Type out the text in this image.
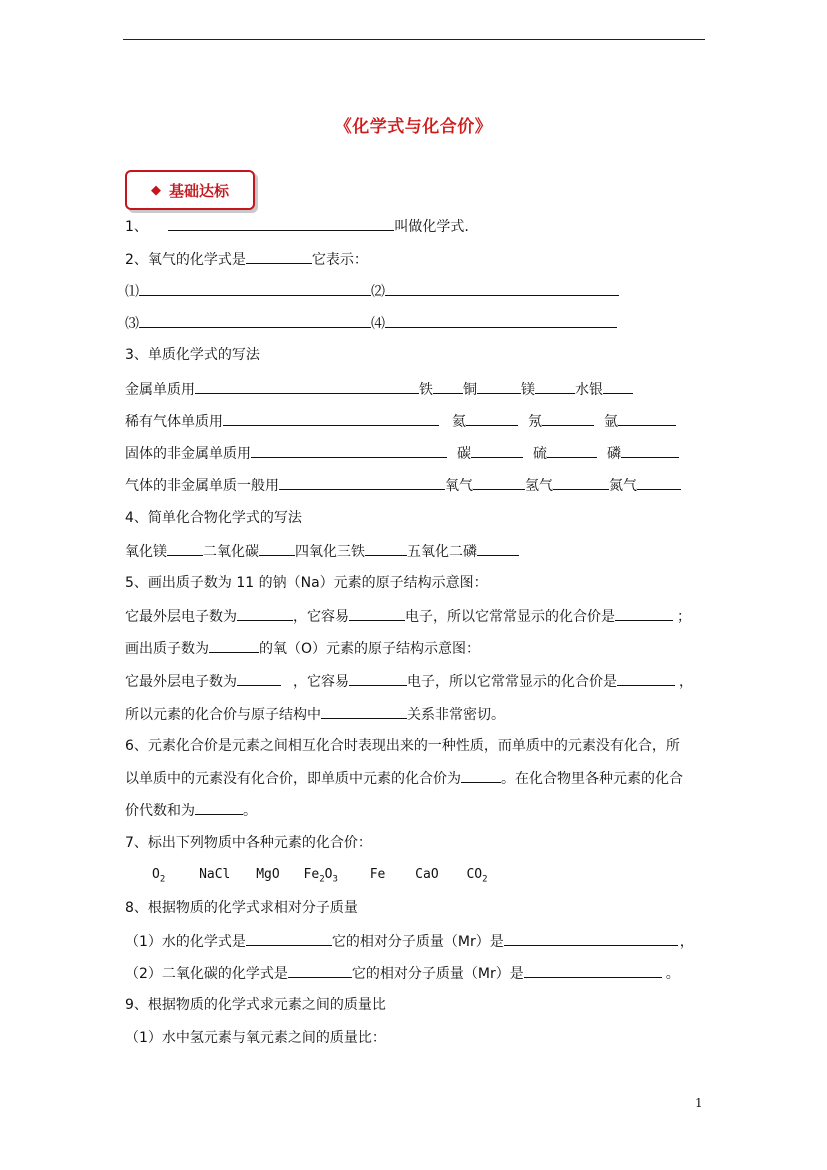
《化学式与化合价》
◆ 基础达标
1、	叫做化学式.
2、氧气的化学式是	它表示：
⑴	⑵
⑶	⑷
3、单质化学式的写法
金属单质用	铁 铜	镁	水银
稀有气体单质用	氦	氖	氩
固体的非金属单质用	碳	硫	磷
气体的非金属单质一般用	氧气	氢气	氮气
4、简单化合物化学式的写法
氧化镁	二氧化碳	四氧化三铁	五氧化二磷
5、画出质子数为 11 的钠（Na）元素的原子结构示意图：
它最外层电子数为	，它容易	电子，所以它常常显示的化合价是	；
画出质子数为	的氧（O）元素的原子结构示意图：
它最外层电子数为	，它容易	电子，所以它常常显示的化合价是	，
所以元素的化合价与原子结构中	关系非常密切。
6、元素化合价是元素之间相互化合时表现出来的一种性质，而单质中的元素没有化合，所
以单质中的元素没有化合价，即单质中元素的化合价为	。在化合物里各种元素的化合
价代数和为	。
7、标出下列物质中各种元素的化合价：
$O_2$	NaCl MgO $Fe_2O_3$ Fe CaO $CO_2$
8、根据物质的化学式求相对分子质量
（1）水的化学式是	它的相对分子质量（Mr）是	，
（2）二氧化碳的化学式是	它的相对分子质量（Mr）是	。
9、根据物质的化学式求元素之间的质量比
（1）水中氢元素与氧元素之间的质量比：
1
